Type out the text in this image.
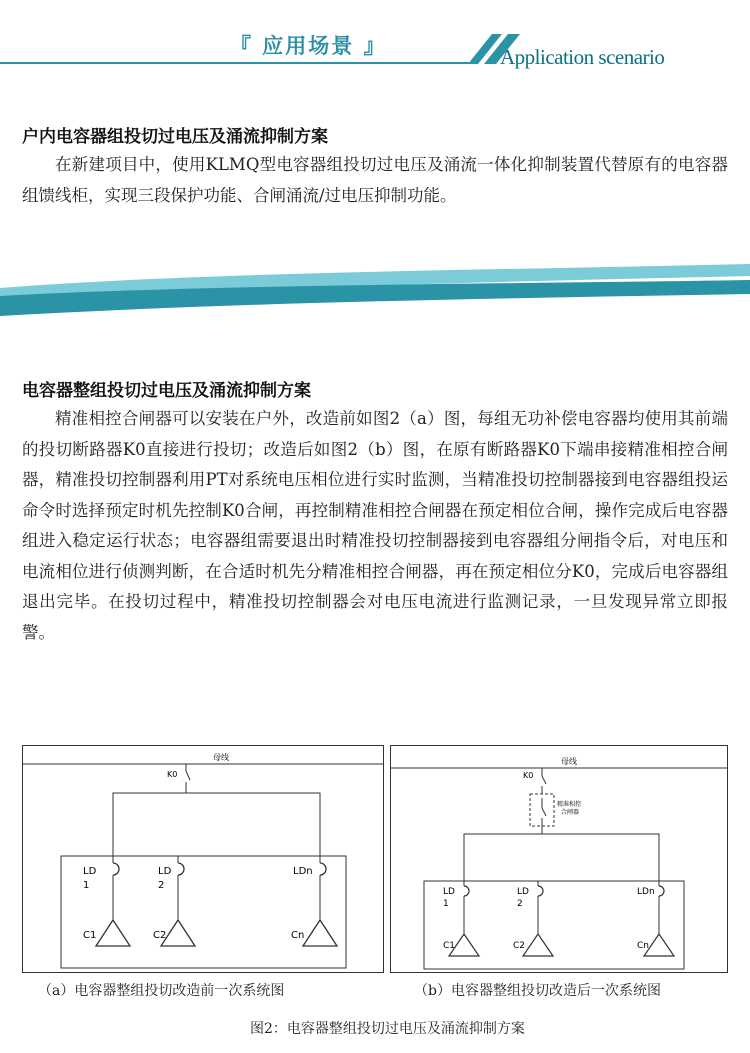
『 应用场景 』	Application scenario
户内电容器组投切过电压及涌流抑制方案

在新建项目中，使用KLMQ型电容器组投切过电压及涌流一体化抑制装置代替原有的电容器组馈线柜，实现三段保护功能、合闸涌流/过电压抑制功能。

电容器整组投切过电压及涌流抑制方案

精准相控合闸器可以安装在户外，改造前如图2（a）图，每组无功补偿电容器均使用其前端的投切断路器K0直接进行投切；改造后如图2（b）图，在原有断路器K0下端串接精准相控合闸器，精准投切控制器利用PT对系统电压相位进行实时监测，当精准投切控制器接到电容器组投运命令时选择预定时机先控制K0合闸，再控制精准相控合闸器在预定相位合闸，操作完成后电容器组进入稳定运行状态；电容器组需要退出时精准投切控制器接到电容器组分闸指令后，对电压和电流相位进行侦测判断，在合适时机先分精准相控合闸器，再在预定相位分K0，完成后电容器组退出完毕。在投切过程中，精准投切控制器会对电压电流进行监测记录，一旦发现异常立即报警。

母线
K0
LD
1
C1
LD
2
C2
LDn
Cn
母线
K0
精准相控
合闸器
LD
1
C1
LD
2
C2
LDn
Cn
（a）电容器整组投切改造前一次系统图	（b）电容器整组投切改造后一次系统图
图2：电容器整组投切过电压及涌流抑制方案
